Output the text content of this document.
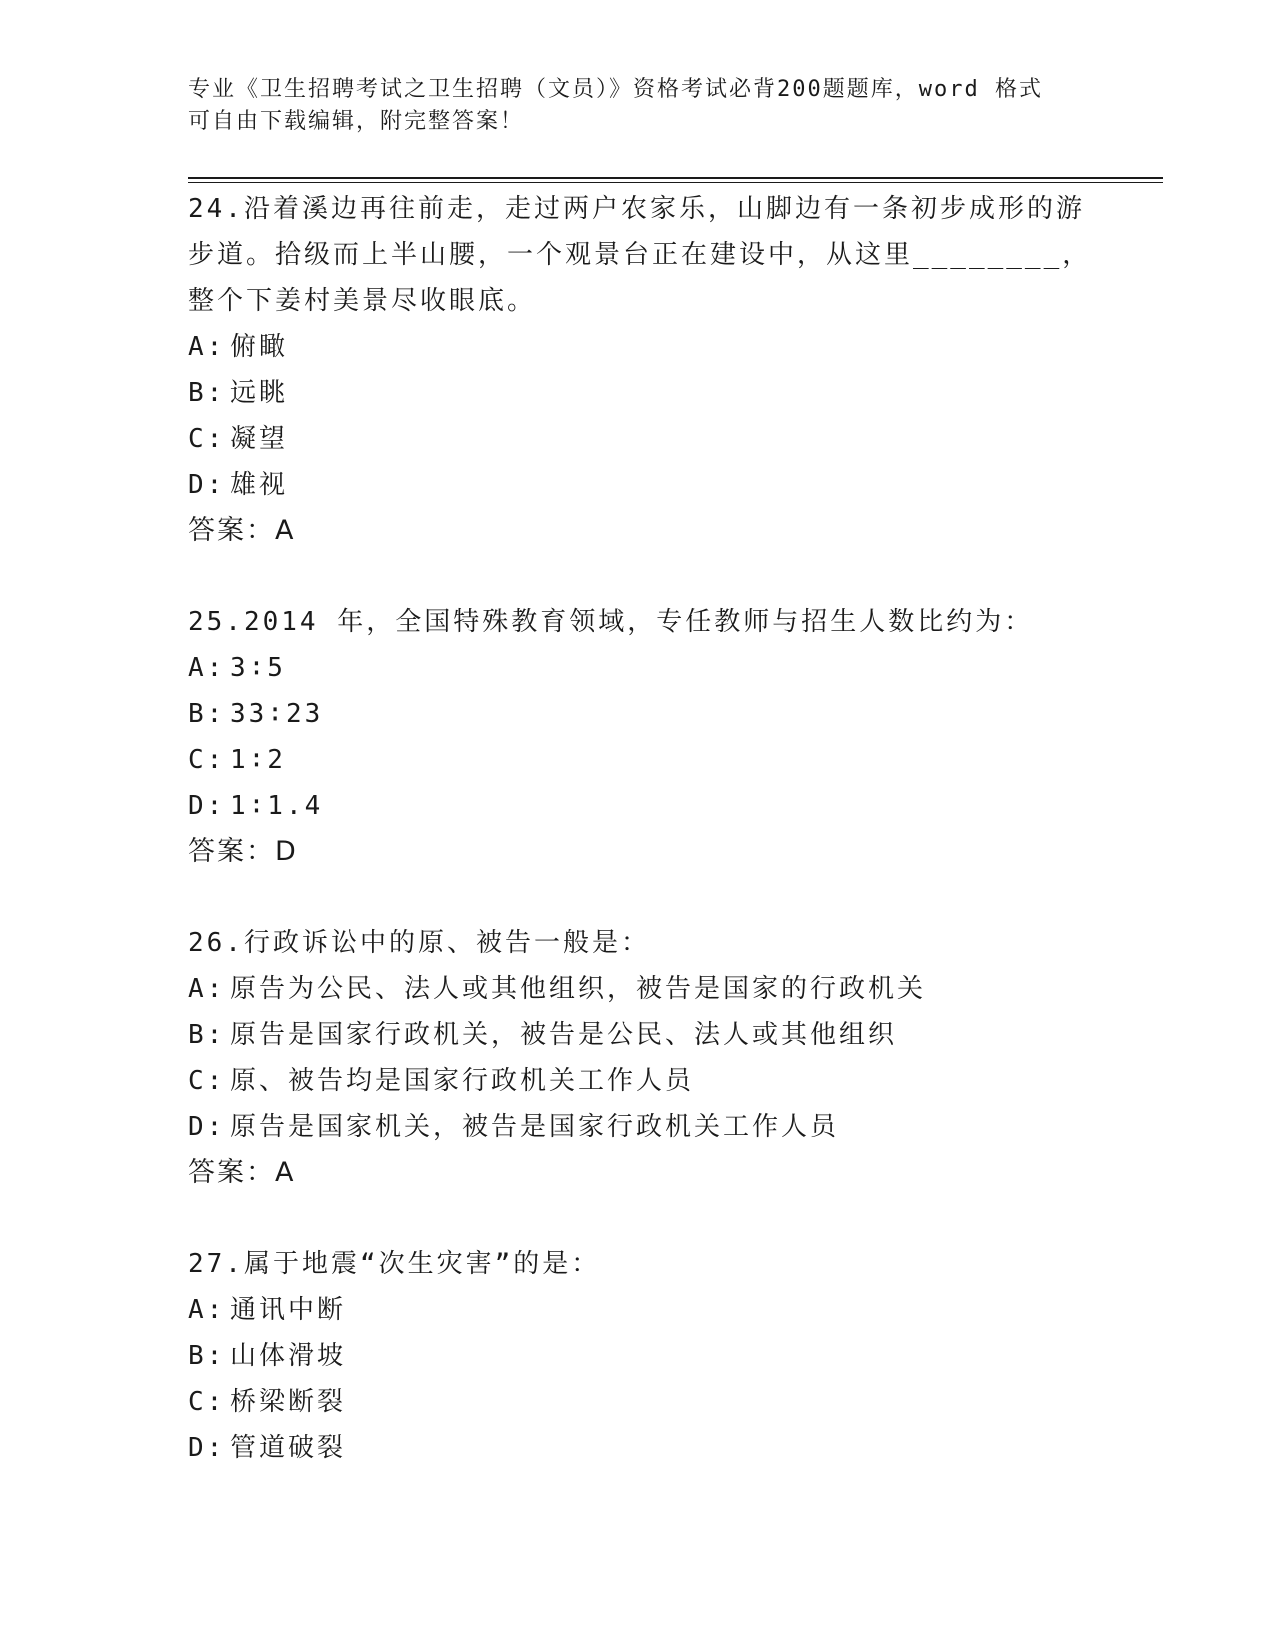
专业《卫生招聘考试之卫生招聘（文员）》资格考试必背200题题库，word 格式
可自由下载编辑，附完整答案！
24.沿着溪边再往前走，走过两户农家乐，山脚边有一条初步成形的游
步道。拾级而上半山腰，一个观景台正在建设中，从这里________，
整个下姜村美景尽收眼底。
A: 俯瞰
B: 远眺
C: 凝望
D: 雄视
答案：A
25.2014 年，全国特殊教育领域，专任教师与招生人数比约为：
A: 3∶5
B: 33∶23
C: 1∶2
D: 1∶1.4
答案：D
26.行政诉讼中的原、被告一般是：
A: 原告为公民、法人或其他组织，被告是国家的行政机关
B: 原告是国家行政机关，被告是公民、法人或其他组织
C: 原、被告均是国家行政机关工作人员
D: 原告是国家机关，被告是国家行政机关工作人员
答案：A
27.属于地震“次生灾害”的是：
A: 通讯中断
B: 山体滑坡
C: 桥梁断裂
D: 管道破裂
